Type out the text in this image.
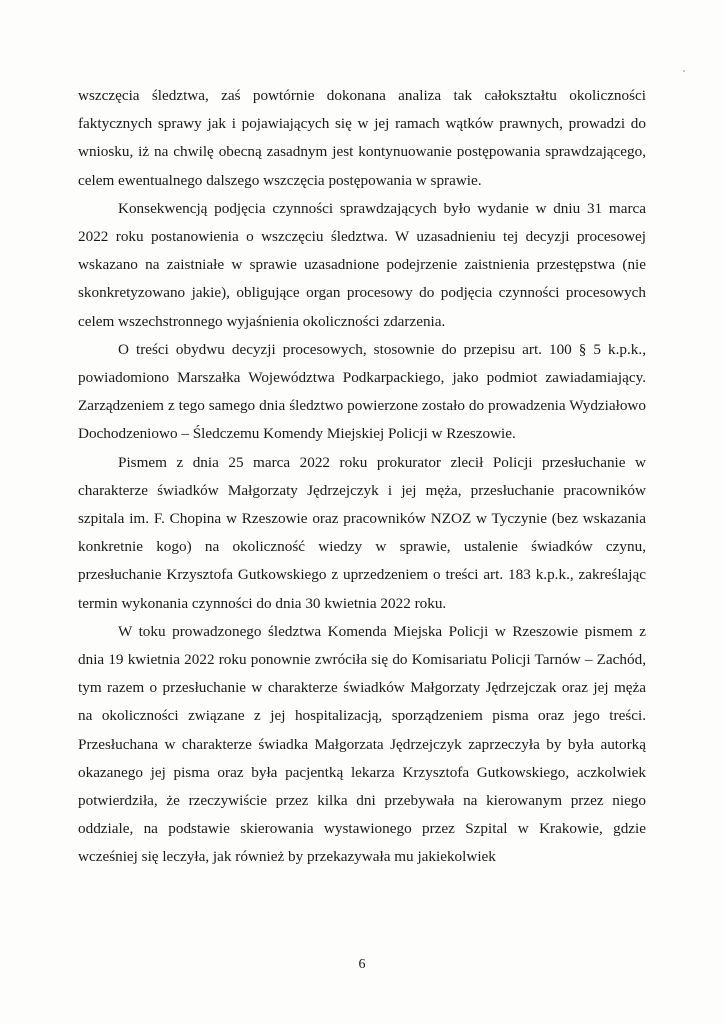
wszczęcia śledztwa, zaś powtórnie dokonana analiza tak całokształtu okoliczności faktycznych sprawy jak i pojawiających się w jej ramach wątków prawnych, prowadzi do wniosku, iż na chwilę obecną zasadnym jest kontynuowanie postępowania sprawdzającego, celem ewentualnego dalszego wszczęcia postępowania w sprawie.

Konsekwencją podjęcia czynności sprawdzających było wydanie w dniu 31 marca 2022 roku postanowienia o wszczęciu śledztwa. W uzasadnieniu tej decyzji procesowej wskazano na zaistniałe w sprawie uzasadnione podejrzenie zaistnienia przestępstwa (nie skonkretyzowano jakie), obligujące organ procesowy do podjęcia czynności procesowych celem wszechstronnego wyjaśnienia okoliczności zdarzenia.

O treści obydwu decyzji procesowych, stosownie do przepisu art. 100 § 5 k.p.k., powiadomiono Marszałka Województwa Podkarpackiego, jako podmiot zawiadamiający. Zarządzeniem z tego samego dnia śledztwo powierzone zostało do prowadzenia Wydziałowo Dochodzeniowo – Śledczemu Komendy Miejskiej Policji w Rzeszowie.

Pismem z dnia 25 marca 2022 roku prokurator zlecił Policji przesłuchanie w charakterze świadków Małgorzaty Jędrzejczyk i jej męża, przesłuchanie pracowników szpitala im. F. Chopina w Rzeszowie oraz pracowników NZOZ w Tyczynie (bez wskazania konkretnie kogo) na okoliczność wiedzy w sprawie, ustalenie świadków czynu, przesłuchanie Krzysztofa Gutkowskiego z uprzedzeniem o treści art. 183 k.p.k., zakreślając termin wykonania czynności do dnia 30 kwietnia 2022 roku.

W toku prowadzonego śledztwa Komenda Miejska Policji w Rzeszowie pismem z dnia 19 kwietnia 2022 roku ponownie zwróciła się do Komisariatu Policji Tarnów – Zachód, tym razem o przesłuchanie w charakterze świadków Małgorzaty Jędrzejczak oraz jej męża na okoliczności związane z jej hospitalizacją, sporządzeniem pisma oraz jego treści. Przesłuchana w charakterze świadka Małgorzata Jędrzejczyk zaprzeczyła by była autorką okazanego jej pisma oraz była pacjentką lekarza Krzysztofa Gutkowskiego, aczkolwiek potwierdziła, że rzeczywiście przez kilka dni przebywała na kierowanym przez niego oddziale, na podstawie skierowania wystawionego przez Szpital w Krakowie, gdzie wcześniej się leczyła, jak również by przekazywała mu jakiekolwiek

6
